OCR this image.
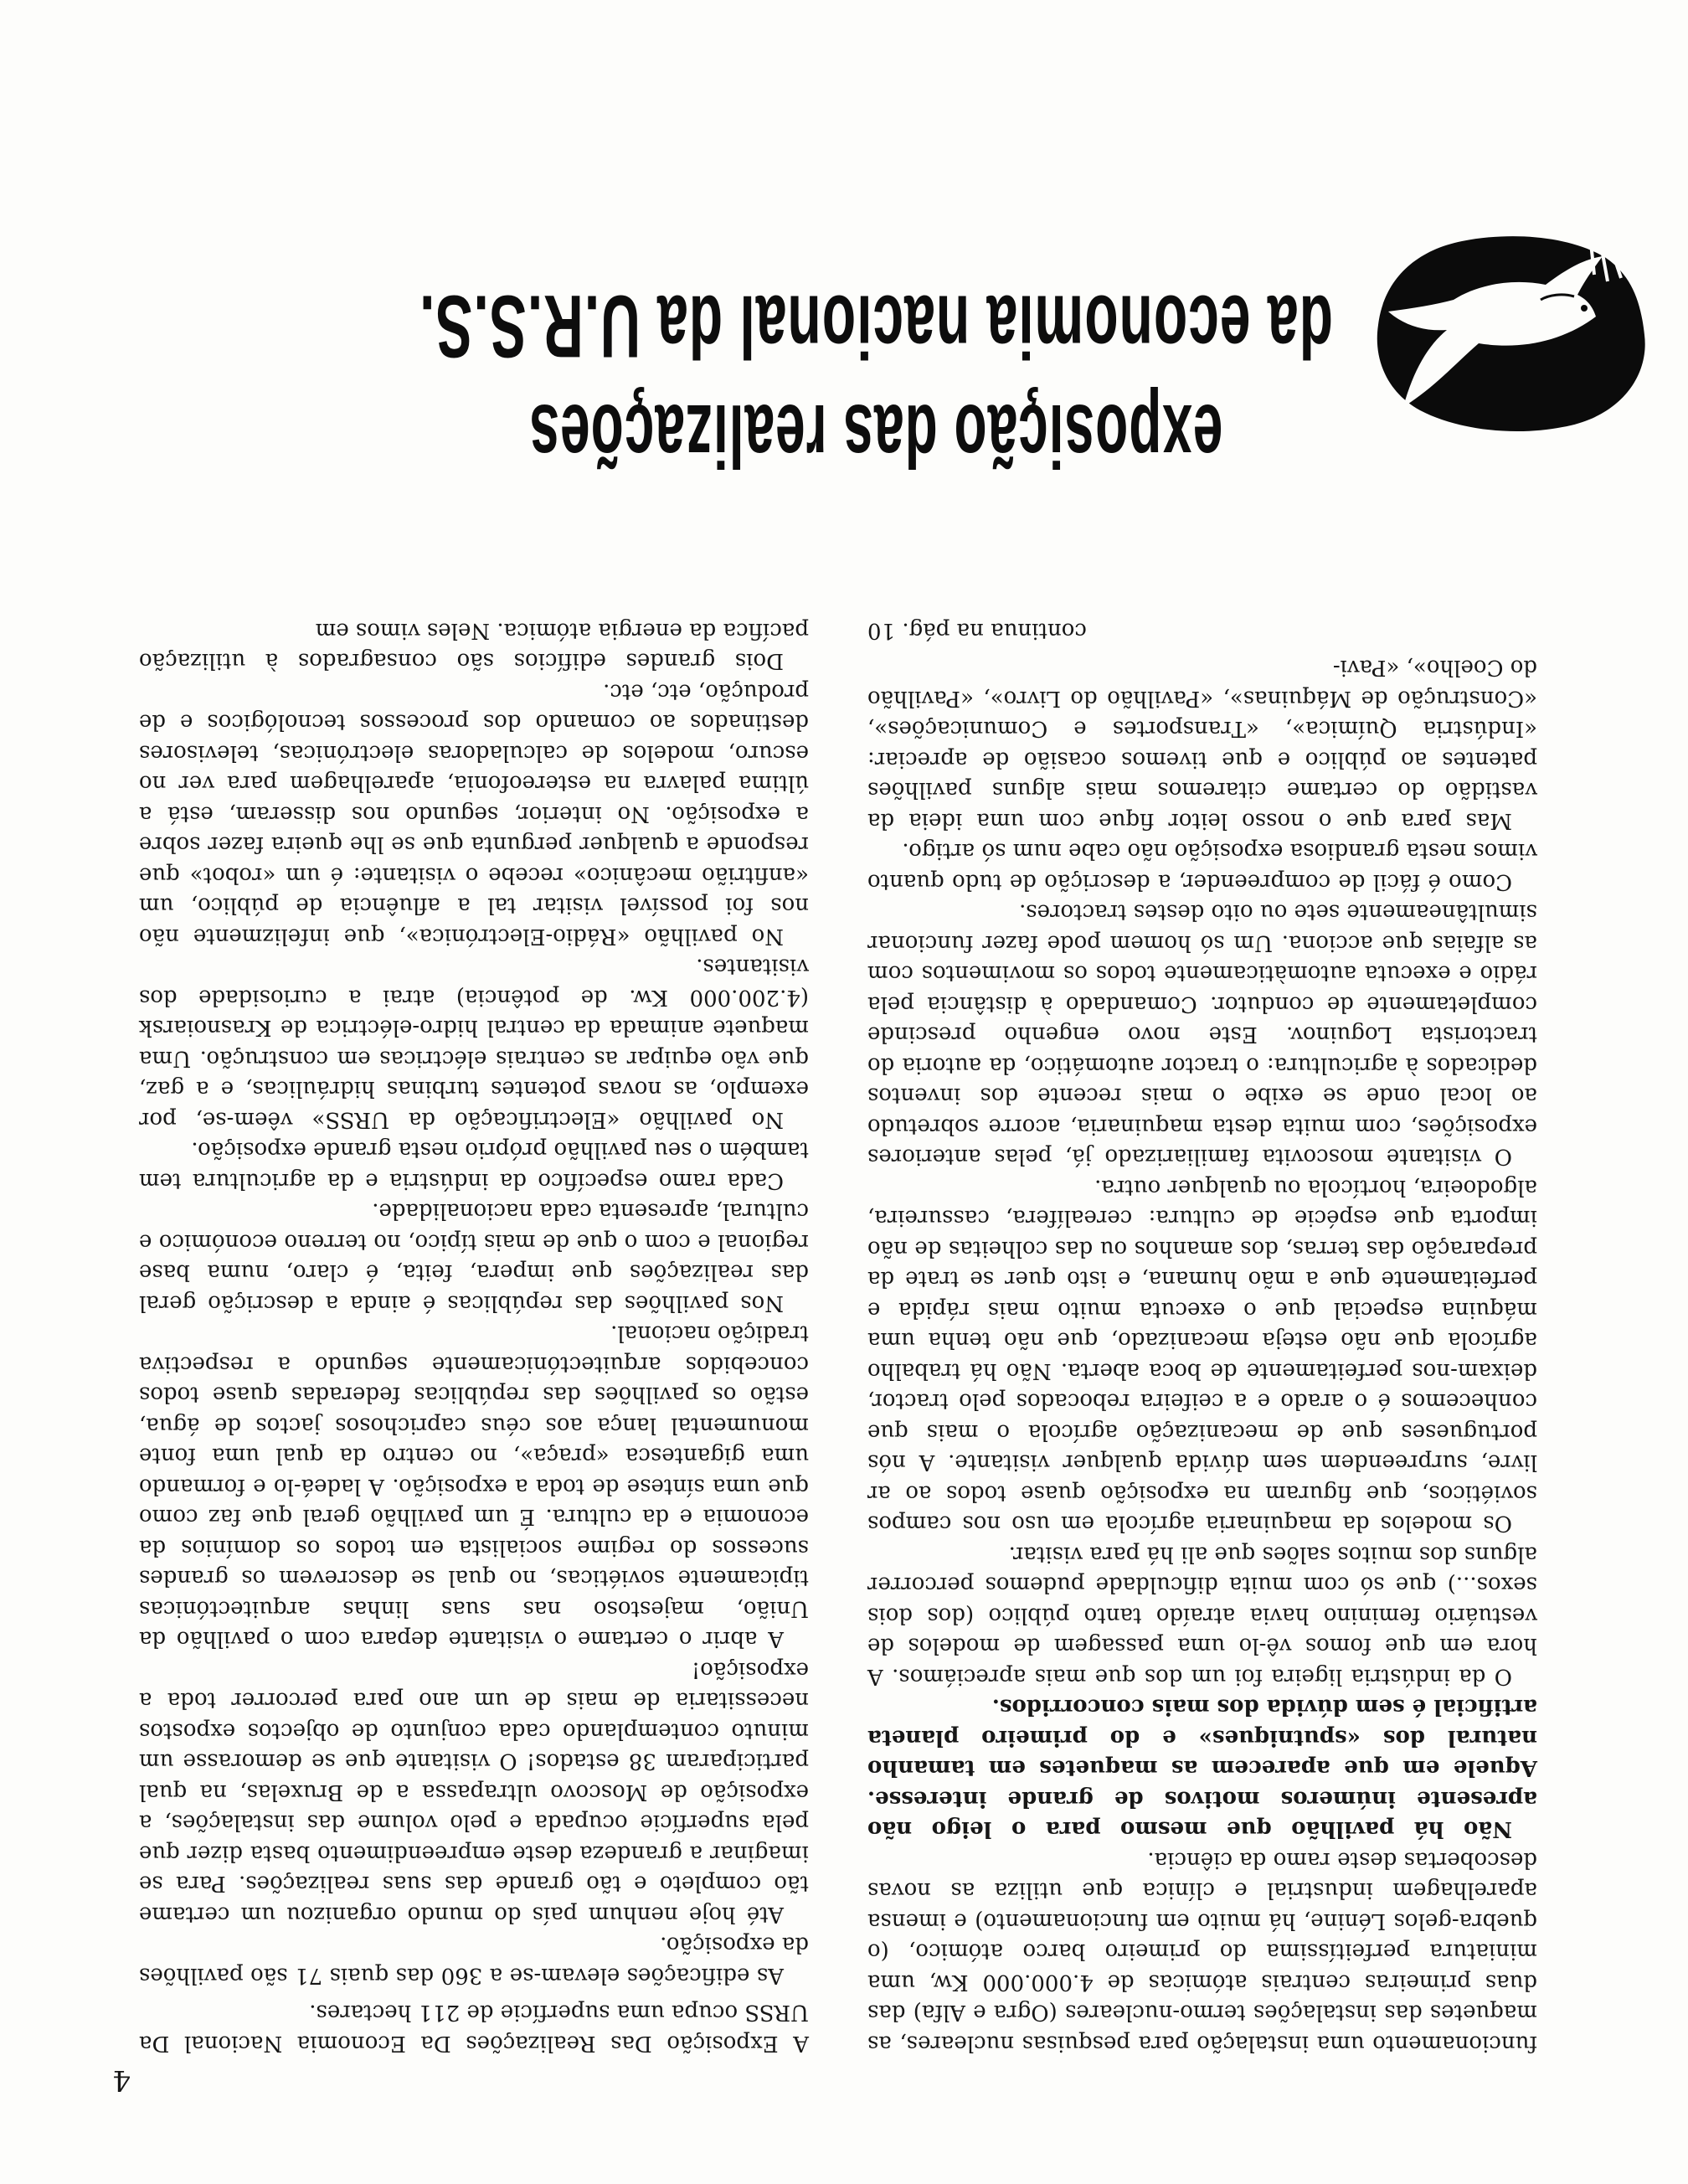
4
exposição das realizações
da economia nacional da U.R.S.S.

A Exposição Das Realizações Da Economia Nacional Da URSS ocupa uma superfície de 211 hectares.

As edificações elevam-se a 360 das quais 71 são pavilhões da exposição.

Até hoje nenhum país do mundo organizou um certame tão completo e tão grande das suas realizações. Para se imaginar a grandeza deste empreendimento basta dizer que pela superfície ocupada e pelo volume das instalações, a exposição de Moscovo ultrapassa a de Bruxelas, na qual participaram 38 estados! O visitante que se demorasse um minuto contemplando cada conjunto de objectos expostos necessitaria de mais de um ano para percorrer toda a exposição!

A abrir o certame o visitante depara com o pavilhão da União, majestoso nas suas linhas arquitectónicas tipicamente soviéticas, no qual se descrevem os grandes sucessos do regime socialista em todos os domínios da economia e da cultura. É um pavilhão geral que faz como que uma síntese de toda a exposição. A ladeá-lo e formando uma gigantesca «praça», no centro da qual uma fonte monumental lança aos céus caprichosos jactos de água, estão os pavilhões das repúblicas federadas quase todos concebidos arquitectónicamente segundo a respectiva tradição nacional.

Nos pavilhões das repúblicas é ainda a descrição geral das realizações que impera, feita, é claro, numa base regional e com o que de mais típico, no terreno económico e cultural, apresenta cada nacionalidade.

Cada ramo específico da indústria e da agricultura tem também o seu pavilhão próprio nesta grande exposição.

No pavilhão «Electrificação da URSS» vêem-se, por exemplo, as novas potentes turbinas hidráulicas, e a gaz, que vão equipar as centrais eléctricas em construção. Uma maquete animada da central hidro-eléctrica de Krasnoiarsk (4.200.000 Kw. de potência) atrai a curiosidade dos visitantes.

No pavilhão «Rádio-Electrónica», que infelizmente não nos foi possível visitar tal a afluência de público, um «anfitrião mecânico» recebe o visitante: é um «robot» que responde a qualquer pergunta que se lhe queira fazer sobre a exposição. No interior, segundo nos disseram, está a última palavra na estereofonia, aparelhagem para ver no escuro, modelos de calculadoras electrónicas, televisores destinados ao comando dos processos tecnológicos e de produção, etc, etc.

Dois grandes edifícios são consagrados à utilização pacífica da energia atómica. Neles vimos em

funcionamento uma instalação para pesquisas nucleares, as maquetes das instalações termo-nucleares (Ogra e Alfa) das duas primeiras centrais atómicas de 4.000.000 Kw, uma miniatura perfeitíssima do primeiro barco atómico, (o quebra-gelos Lénine, há muito em funcionamento) e imensa aparelhagem industrial e clínica que utiliza as novas descobertas deste ramo da ciência.

Não há pavilhão que mesmo para o leigo não apresente inúmeros motivos de grande interesse. Aquele em que aparecem as maquetes em tamanho natural dos «sputniques» e do primeiro planeta artificial é sem dúvida dos mais concorridos.

O da indústria ligeira foi um dos que mais apreciámos. A hora em que fomos vê-lo uma passagem de modelos de vestuário feminino havia atraído tanto público (dos dois sexos...) que só com muita dificuldade pudemos percorrer alguns dos muitos salões que ali há para visitar.

Os modelos da maquinaria agrícola em uso nos campos soviéticos, que figuram na exposição quase todos ao ar livre, surpreendem sem dúvida qualquer visitante. A nós portugueses que de mecanização agrícola o mais que conhecemos é o arado e a ceifeira rebocados pelo tractor, deixam-nos perfeitamente de boca aberta. Não há trabalho agrícola que não esteja mecanizado, que não tenha uma máquina especial que o executa muito mais rápida e perfeitamente que a mão humana, e isto quer se trate da preparação das terras, dos amanhos ou das colheitas de não importa que espécie de cultura: cerealífera, cassureira, algodoeira, hortícola ou qualquer outra.

O visitante moscovita familiarizado já, pelas anteriores exposições, com muita desta maquinaria, acorre sobretudo ao local onde se exibe o mais recente dos inventos dedicados à agricultura: o tractor automático, da autoria do tractorista Loguinov. Este novo engenho prescinde completamente de condutor. Comandado à distância pela rádio e executa automàticamente todos os movimentos com as alfaias que acciona. Um só homem pode fazer funcionar simultâneamente sete ou oito destes tractores.

Como é fácil de compreender, a descrição de tudo quanto vimos nesta grandiosa exposição não cabe num só artigo.

Mas para que o nosso leitor fique com uma ideia da vastidão do certame citaremos mais alguns pavilhões patentes ao público e que tivemos ocasião de apreciar: «Indústria Química», «Transportes e Comunicações», «Construção de Máquinas», «Pavilhão do Livro», «Pavilhão do Coelho», «Pavi-

continua na pág. 10
